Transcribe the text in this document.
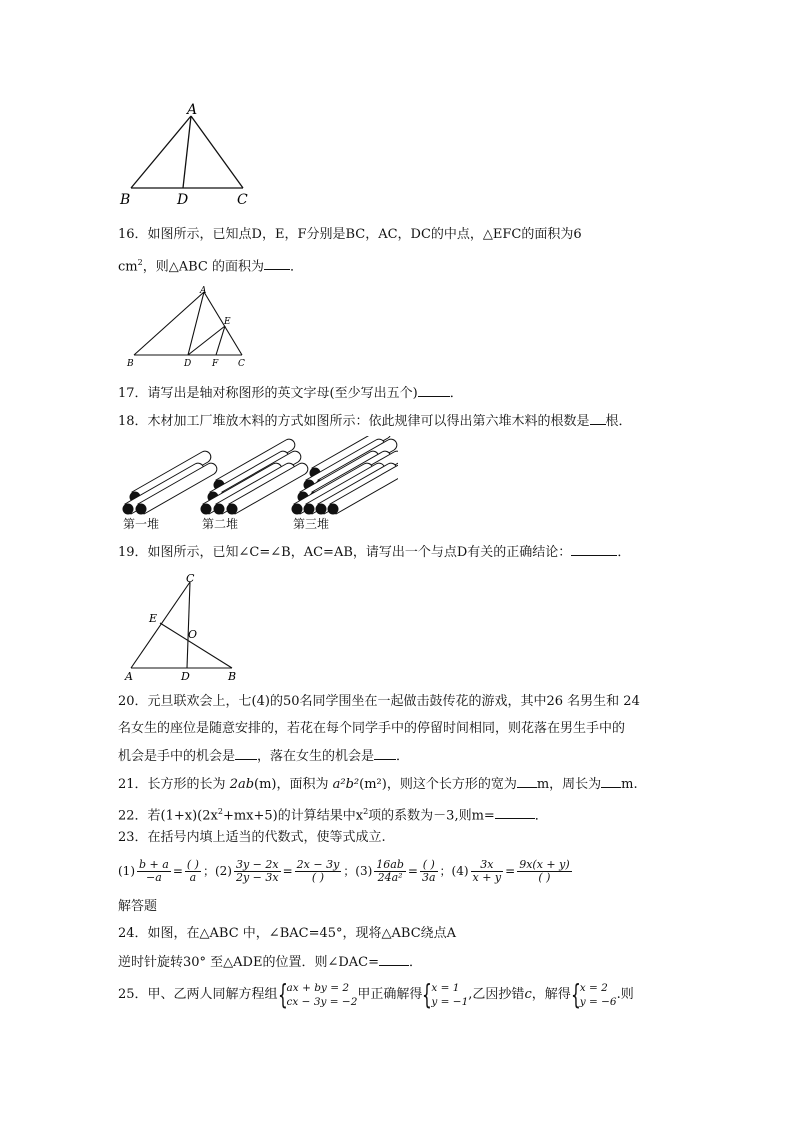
A
B	D	C
16．如图所示，已知点D，E，F分别是BC，AC，DC的中点，△EFC的面积为6
$cm^2$，则△ABC 的面积为 ．
A
B	D F C
E
17．请写出是轴对称图形的英文字母(至少写出五个) ．
18．木材加工厂堆放木料的方式如图所示：依此规律可以得出第六堆木料的根数是 根．
第一堆	第二堆	第三堆
19．如图所示，已知∠C=∠B，AC=AB，请写出一个与点D有关的正确结论：	．
C
E
O
A	D	B
20．元旦联欢会上，七(4)的50名同学围坐在一起做击鼓传花的游戏，其中26 名男生和 24
名女生的座位是随意安排的，若花在每个同学手中的停留时间相同，则花落在男生手中的
机会是手中的机会是 ，落在女生的机会是 ．
21．长方形的长为 2ab(m)，面积为 a²b²(m²)，则这个长方形的宽为 m，周长为 m.
22．若$(1+x)(2x^2+mx+5)$的计算结果中$x^2$项的系数为－3,则m=	．
23．在括号内填上适当的代数式，使等式成立.
$(1) \frac{b + a}{-a} = \frac{( )}{a}$ ；$(2) \frac{3y - 2x}{2y - 3x} = \frac{2x - 3y}{( )}$ ；$(3) \frac{16ab}{\text{24a²}} = \frac{( )}{3a}$ ；$(4) \frac{3x}{x + y} = \frac{9x(x + y)}{( )}$
解答题
24．如图，在△ABC 中，∠BAC=45°，现将△ABC绕点A
逆时针旋转30° 至△ADE的位置．则∠DAC= ．
25．甲、乙两人同解方程组 { ax + by = 2
cx − 3y = −2 甲正确解得 { x = 1
y = −1 ,乙因抄错c，解得 { x = 2
y = −6 .则
